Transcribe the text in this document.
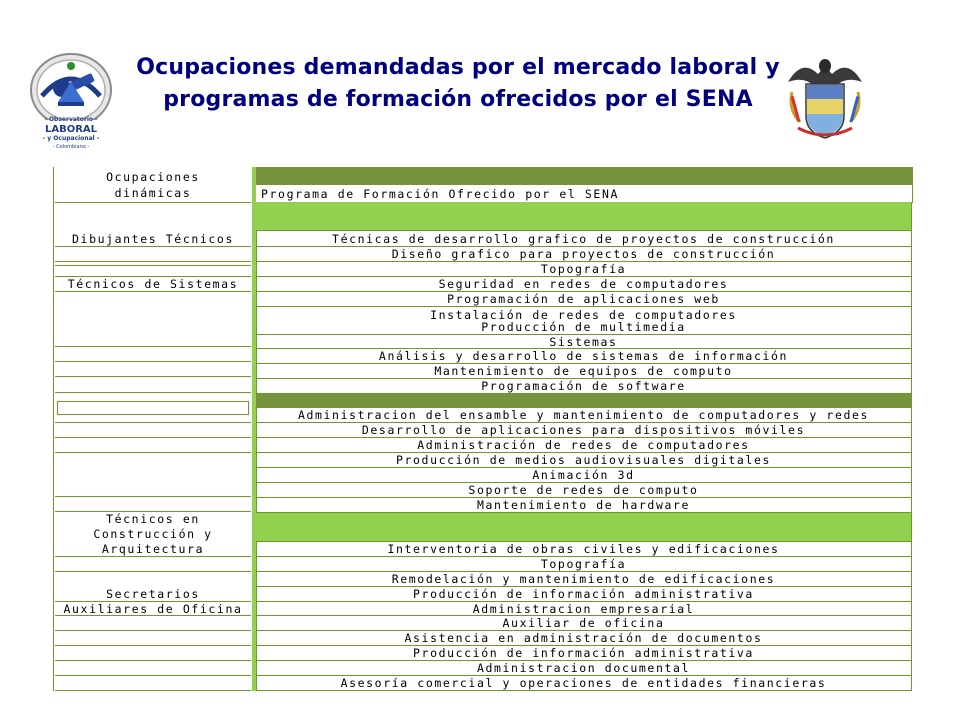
- Observatorio -
LABORAL
- y Ocupacional -
- Colombiano -
Ocupaciones demandadas por el mercado laboral y
programas de formación ofrecidos por el SENA
Programa de Formación Ofrecido por el SENA
Ocupaciones
dinámicas
Dibujantes Técnicos
Técnicos de Sistemas
Técnicos en
Construcción y
Arquitectura
Secretarios
Auxiliares de Oficina
Técnicas de desarrollo grafico de proyectos de construcción
Diseño grafico para proyectos de construcción
Topografía
Seguridad en redes de computadores
Programación de aplicaciones web
Instalación de redes de computadores
Producción de multimedia
Sistemas
Análisis y desarrollo de sistemas de información
Mantenimiento de equipos de computo
Programación de software
Administracion del ensamble y mantenimiento de computadores y redes
Desarrollo de aplicaciones para dispositivos móviles
Administración de redes de computadores
Producción de medios audiovisuales digitales
Animación 3d
Soporte de redes de computo
Mantenimiento de hardware
Interventoria de obras civiles y edificaciones
Topografía
Remodelación y mantenimiento de edificaciones
Producción de información administrativa
Administracion empresarial
Auxiliar de oficina
Asistencia en administración de documentos
Producción de información administrativa
Administracion documental
Asesoría comercial y operaciones de entidades financieras
